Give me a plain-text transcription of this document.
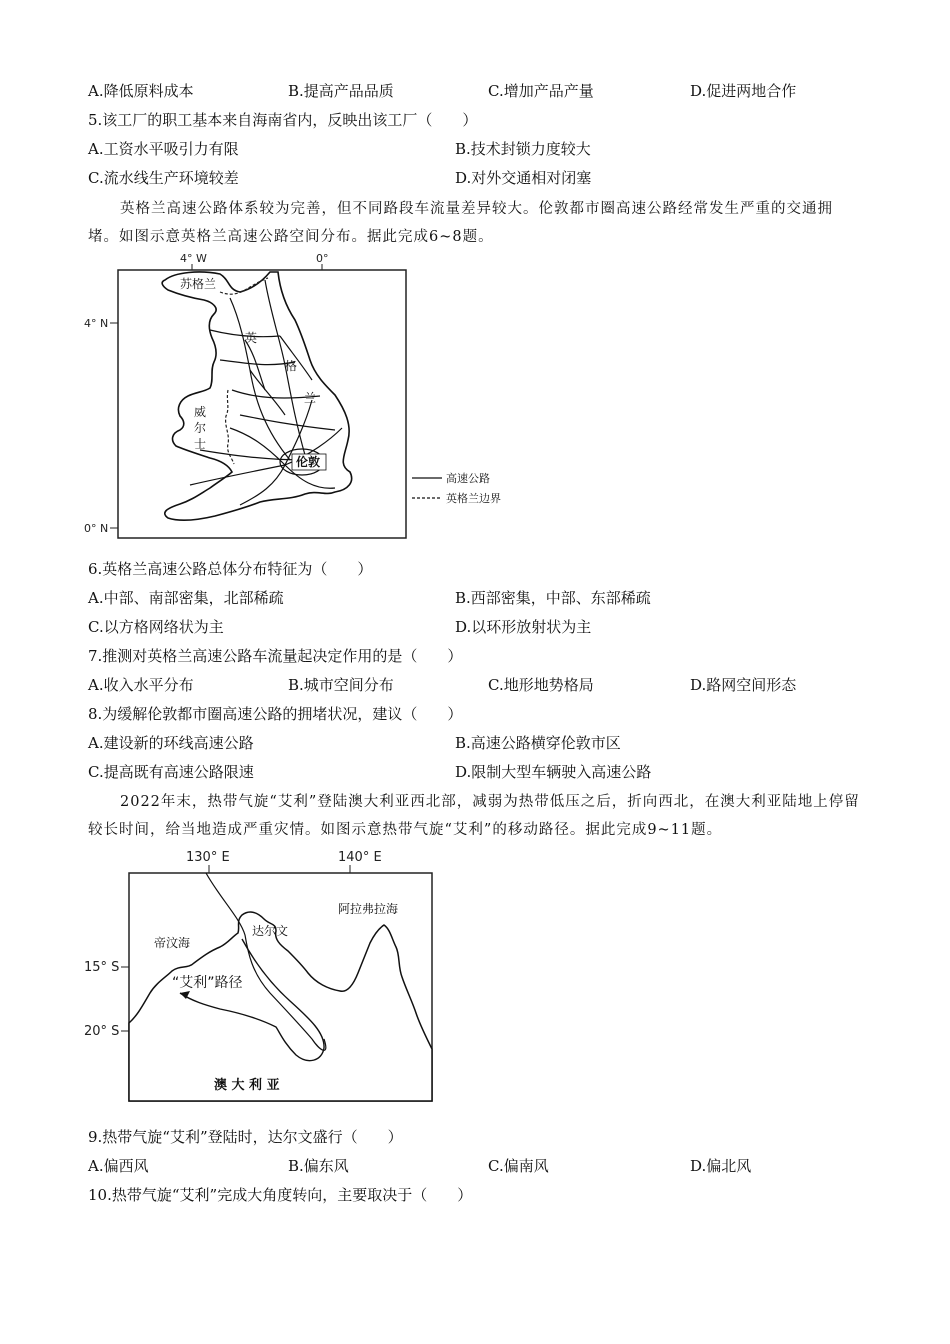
A.降低原料成本	B.提高产品品质	C.增加产品产量	D.促进两地合作
5.该工厂的职工基本来自海南省内，反映出该工厂（　　）
A.工资水平吸引力有限	B.技术封锁力度较大
C.流水线生产环境较差	D.对外交通相对闭塞
英格兰高速公路体系较为完善，但不同路段车流量差异较大。伦敦都市圈高速公路经常发生严重的交通拥堵。如图示意英格兰高速公路空间分布。据此完成6~8题。
4° W	0°
4° N
0° N
苏格兰
英
格
兰
威
尔
士
伦敦
高速公路
英格兰边界
6.英格兰高速公路总体分布特征为（　　）
A.中部、南部密集，北部稀疏	B.西部密集，中部、东部稀疏
C.以方格网络状为主	D.以环形放射状为主
7.推测对英格兰高速公路车流量起决定作用的是（　　）
A.收入水平分布	B.城市空间分布	C.地形地势格局	D.路网空间形态
8.为缓解伦敦都市圈高速公路的拥堵状况，建议（　　）
A.建设新的环线高速公路	B.高速公路横穿伦敦市区
C.提高既有高速公路限速	D.限制大型车辆驶入高速公路
2022年末，热带气旋“艾利”登陆澳大利亚西北部，减弱为热带低压之后，折向西北，在澳大利亚陆地上停留较长时间，给当地造成严重灾情。如图示意热带气旋“艾利”的移动路径。据此完成9~11题。
130° E	140° E
15° S
20° S
阿拉弗拉海
帝汶海
达尔文
“艾利”路径
澳 大 利 亚
9.热带气旋“艾利”登陆时，达尔文盛行（　　）
A.偏西风	B.偏东风	C.偏南风	D.偏北风
10.热带气旋“艾利”完成大角度转向，主要取决于（　　）
